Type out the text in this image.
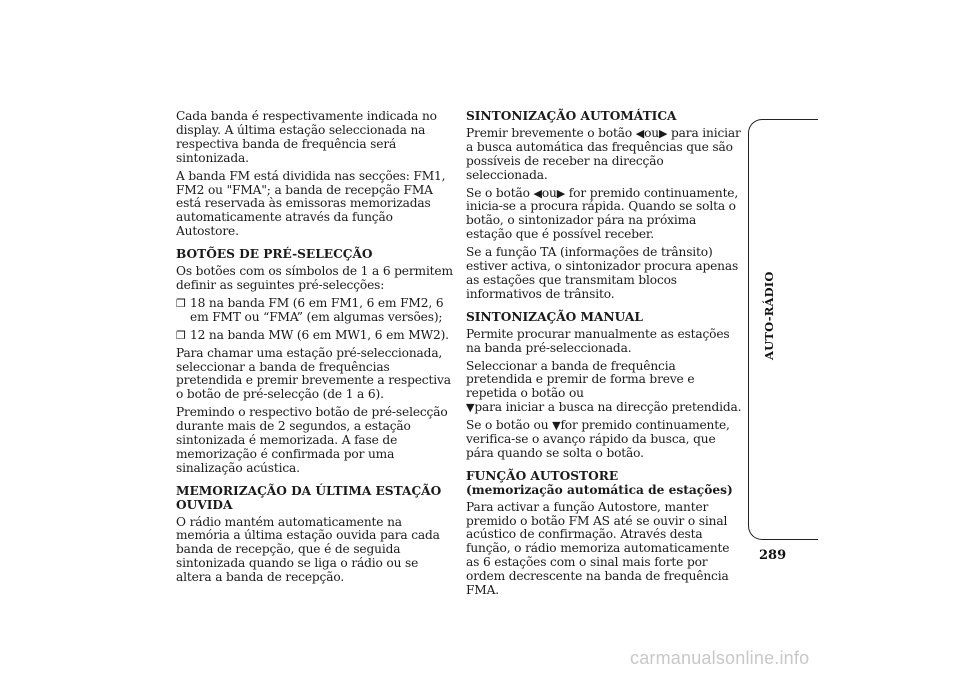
Cada banda é respectivamente indicada no display. A última estação seleccionada na respectiva banda de frequência será sintonizada.

A banda FM está dividida nas secções: FM1, FM2 ou "FMA"; a banda de recepção FMA está reservada às emissoras memorizadas automaticamente através da função Autostore.

BOTÕES DE PRÉ-SELECÇÃO

Os botões com os símbolos de 1 a 6 permitem definir as seguintes pré-selecções:

❒ 18 na banda FM (6 em FM1, 6 em FM2, 6 em FMT ou “FMA” (em algumas versões);
❒ 12 na banda MW (6 em MW1, 6 em MW2).

Para chamar uma estação pré-seleccionada, seleccionar a banda de frequências pretendida e premir brevemente a respectiva o botão de pré-selecção (de 1 a 6).

Premindo o respectivo botão de pré-selecção durante mais de 2 segundos, a estação sintonizada é memorizada. A fase de memorização é confirmada por uma sinalização acústica.

MEMORIZAÇÃO DA ÚLTIMA ESTAÇÃO OUVIDA

O rádio mantém automaticamente na memória a última estação ouvida para cada banda de recepção, que é de seguida sintonizada quando se liga o rádio ou se altera a banda de recepção.

SINTONIZAÇÃO AUTOMÁTICA

Premir brevemente o botão ◀ou▶ para iniciar a busca automática das frequências que são possíveis de receber na direcção seleccionada.

Se o botão ◀ou▶ for premido continuamente, inicia-se a procura rápida. Quando se solta o botão, o sintonizador pára na próxima estação que é possível receber.

Se a função TA (informações de trânsito) estiver activa, o sintonizador procura apenas as estações que transmitam blocos informativos de trânsito.

SINTONIZAÇÃO MANUAL

Permite procurar manualmente as estações na banda pré-seleccionada.

Seleccionar a banda de frequência pretendida e premir de forma breve e repetida o botão ou
▼para iniciar a busca na direcção pretendida.

Se o botão ou ▼for premido continuamente, verifica-se o avanço rápido da busca, que pára quando se solta o botão.

FUNÇÃO AUTOSTORE
(memorização automática de estações)

Para activar a função Autostore, manter premido o botão FM AS até se ouvir o sinal acústico de confirmação. Através desta função, o rádio memoriza automaticamente as 6 estações com o sinal mais forte por ordem decrescente na banda de frequência FMA.

AUTO-RÁDIO
289
carmanualsonline.info
